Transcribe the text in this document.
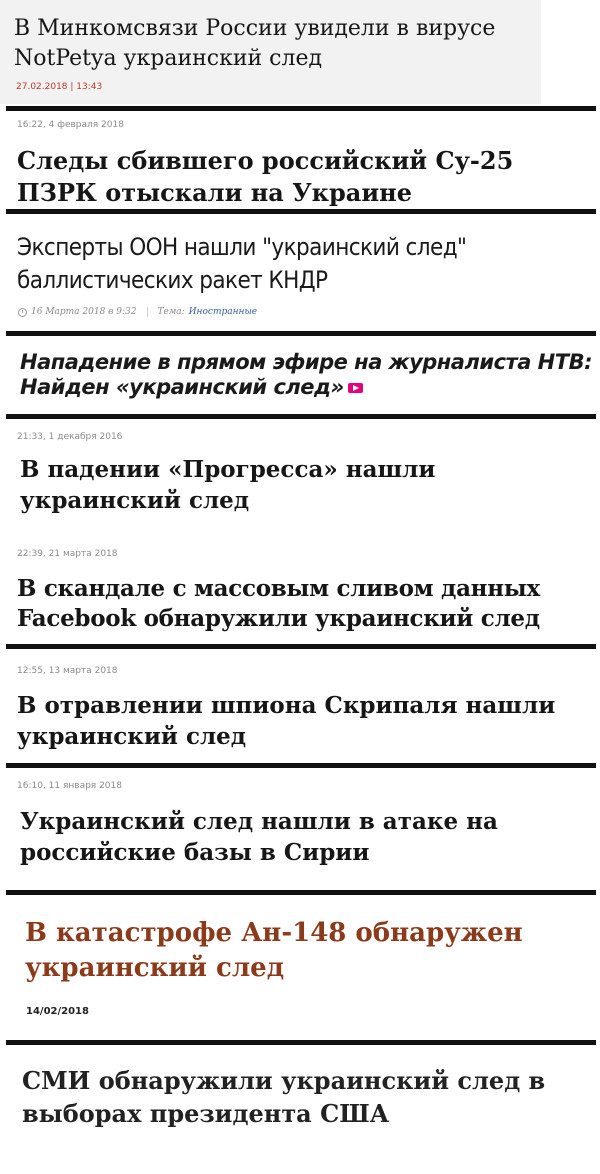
В Минкомсвязи России увидели в вирусе NotPetya украинский след
27.02.2018 | 13:43
16:22, 4 февраля 2018
Следы сбившего российский Су-25 ПЗРК отыскали на Украине
Эксперты ООН нашли "украинский след" баллистических ракет КНДР
16 Марта 2018 в 9:32 Тема: Иностранные
Нападение в прямом эфире на журналиста НТВ: Найден «украинский след»
21:33, 1 декабря 2016
В падении «Прогресса» нашли украинский след
22:39, 21 марта 2018
В скандале с массовым сливом данных Facebook обнаружили украинский след
12:55, 13 марта 2018
В отравлении шпиона Скрипаля нашли украинский след
16:10, 11 января 2018
Украинский след нашли в атаке на российские базы в Сирии
В катастрофе Ан-148 обнаружен украинский след
14/02/2018
СМИ обнаружили украинский след в выборах президента США
